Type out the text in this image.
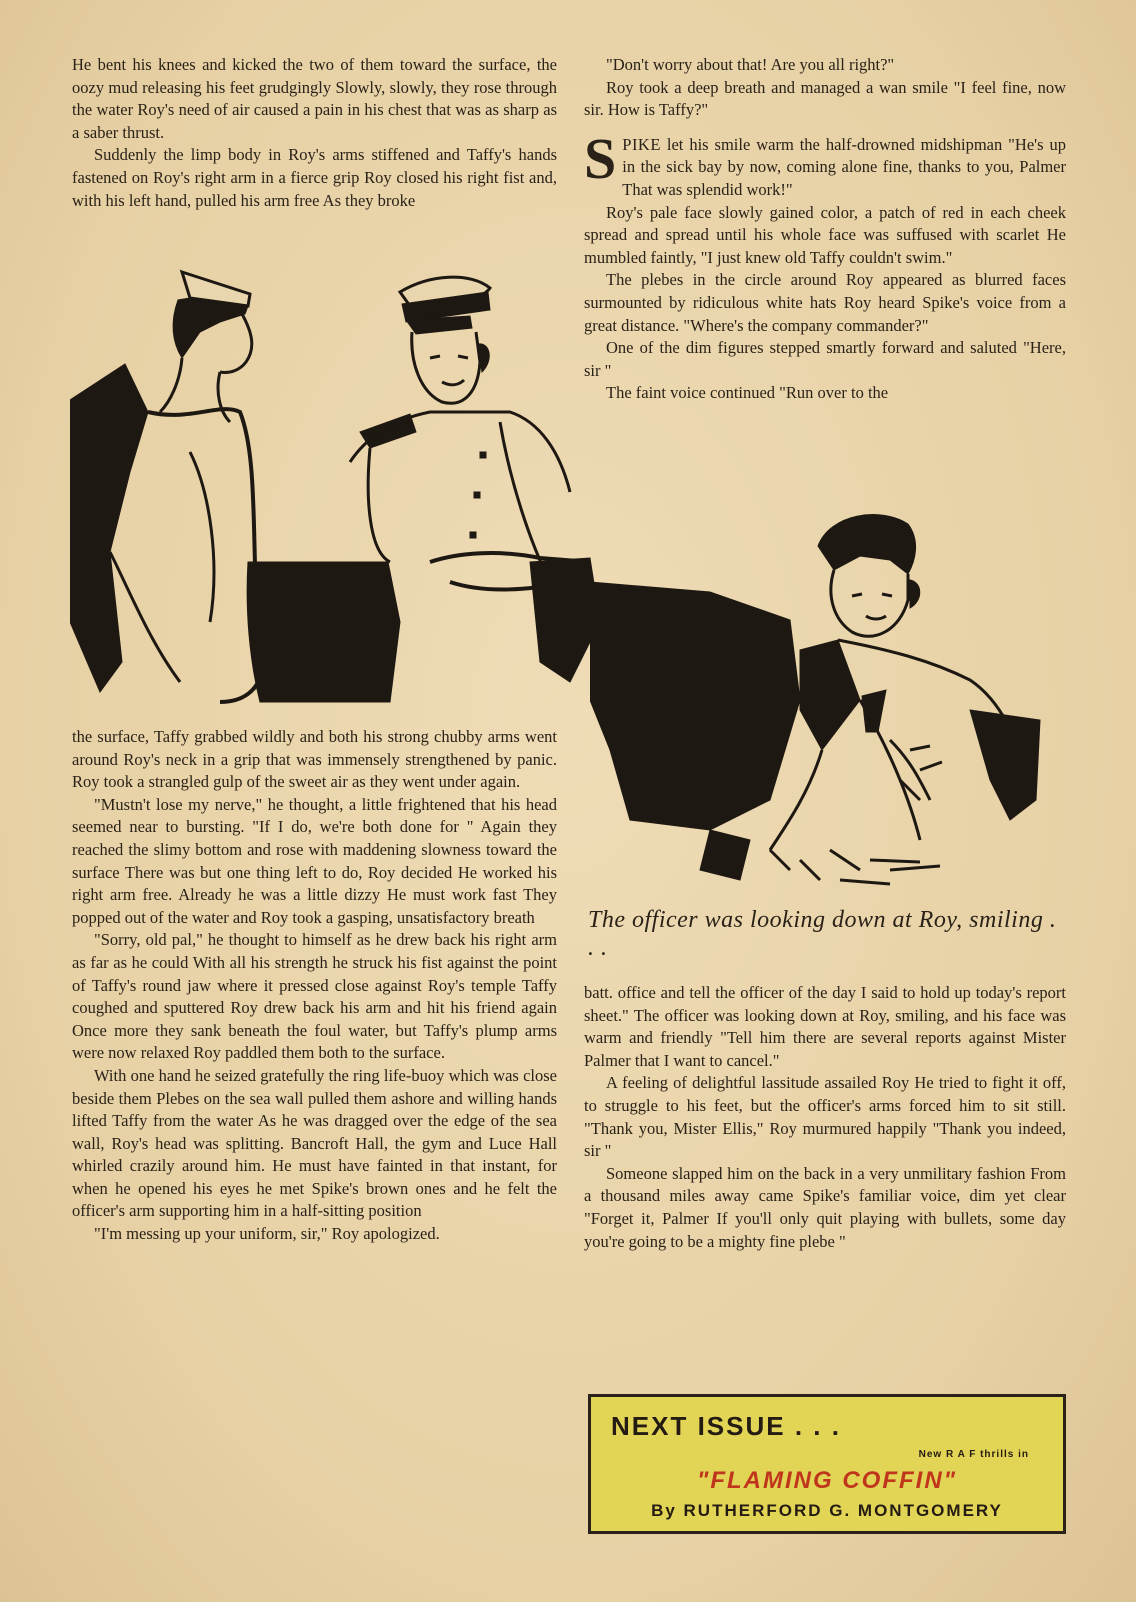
He bent his knees and kicked the two of them toward the surface, the oozy mud releasing his feet grudgingly Slowly, slowly, they rose through the water Roy's need of air caused a pain in his chest that was as sharp as a saber thrust.

Suddenly the limp body in Roy's arms stiffened and Taffy's hands fastened on Roy's right arm in a fierce grip Roy closed his right fist and, with his left hand, pulled his arm free As they broke

the surface, Taffy grabbed wildly and both his strong chubby arms went around Roy's neck in a grip that was immensely strengthened by panic. Roy took a strangled gulp of the sweet air as they went under again.

"Mustn't lose my nerve," he thought, a little frightened that his head seemed near to bursting. "If I do, we're both done for " Again they reached the slimy bottom and rose with maddening slowness toward the surface There was but one thing left to do, Roy decided He worked his right arm free. Already he was a little dizzy He must work fast They popped out of the water and Roy took a gasping, unsatisfactory breath

"Sorry, old pal," he thought to himself as he drew back his right arm as far as he could With all his strength he struck his fist against the point of Taffy's round jaw where it pressed close against Roy's temple Taffy coughed and sputtered Roy drew back his arm and hit his friend again Once more they sank beneath the foul water, but Taffy's plump arms were now relaxed Roy paddled them both to the surface.

With one hand he seized gratefully the ring life-buoy which was close beside them Plebes on the sea wall pulled them ashore and willing hands lifted Taffy from the water As he was dragged over the edge of the sea wall, Roy's head was splitting. Bancroft Hall, the gym and Luce Hall whirled crazily around him. He must have fainted in that instant, for when he opened his eyes he met Spike's brown ones and he felt the officer's arm supporting him in a half-sitting position

"I'm messing up your uniform, sir," Roy apologized.

"Don't worry about that! Are you all right?"

Roy took a deep breath and managed a wan smile "I feel fine, now sir. How is Taffy?"

SPIKE let his smile warm the half-drowned midshipman "He's up in the sick bay by now, coming alone fine, thanks to you, Palmer That was splendid work!"

Roy's pale face slowly gained color, a patch of red in each cheek spread and spread until his whole face was suffused with scarlet He mumbled faintly, "I just knew old Taffy couldn't swim."

The plebes in the circle around Roy appeared as blurred faces surmounted by ridiculous white hats Roy heard Spike's voice from a great distance. "Where's the company commander?"

One of the dim figures stepped smartly forward and saluted "Here, sir "

The faint voice continued "Run over to the

The officer was looking down at Roy, smiling . . .

batt. office and tell the officer of the day I said to hold up today's report sheet." The officer was looking down at Roy, smiling, and his face was warm and friendly "Tell him there are several reports against Mister Palmer that I want to cancel."

A feeling of delightful lassitude assailed Roy He tried to fight it off, to struggle to his feet, but the officer's arms forced him to sit still. "Thank you, Mister Ellis," Roy murmured happily "Thank you indeed, sir "

Someone slapped him on the back in a very unmilitary fashion From a thousand miles away came Spike's familiar voice, dim yet clear "Forget it, Palmer If you'll only quit playing with bullets, some day you're going to be a mighty fine plebe "

NEXT ISSUE . . .
New R A F thrills in
"FLAMING COFFIN"
By RUTHERFORD G. MONTGOMERY
